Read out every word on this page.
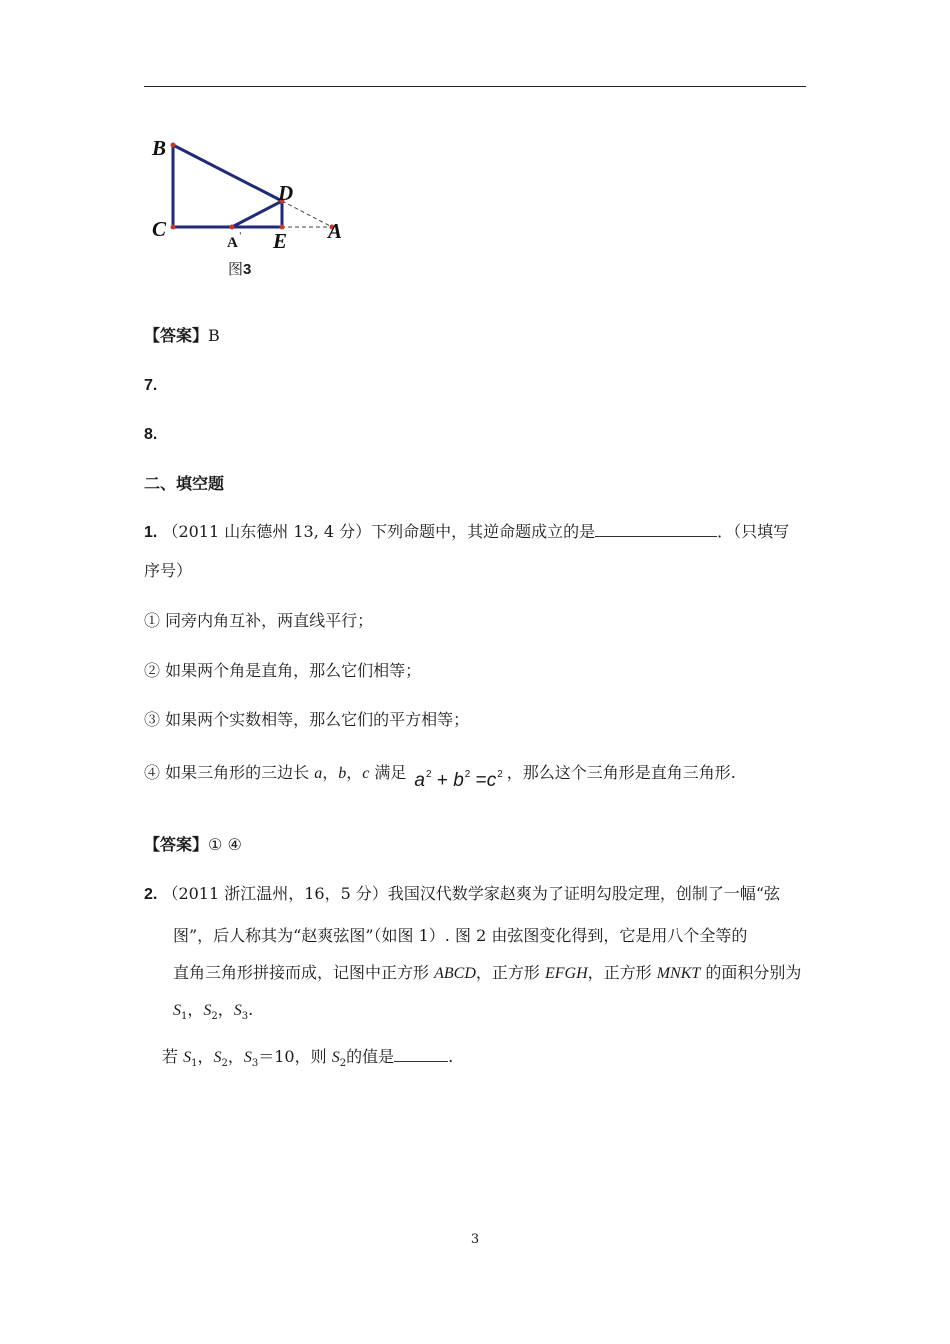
B
C
D
E A
A '
图3
【答案】B
7.
8.
二、填空题
1. （2011 山东德州 13, 4 分）下列命题中，其逆命题成立的是	．（只填写
序号）
① 同旁内角互补，两直线平行；
② 如果两个角是直角，那么它们相等；
③ 如果两个实数相等，那么它们的平方相等；
④ 如果三角形的三边长 a，b，c 满足 $a^2 + b^2 =c^2$ ，那么这个三角形是直角三角形.
【答案】① ④
2. （2011 浙江温州，16，5 分）我国汉代数学家赵爽为了证明勾股定理，创制了一幅“弦
图”，后人称其为“赵爽弦图”（如图 1）. 图 2 由弦图变化得到，它是用八个全等的
直角三角形拼接而成，记图中正方形 ABCD，正方形 EFGH，正方形 MNKT 的面积分别为
$S_1$，$S_2$，$S_3$.
若 $S_1$，$S_2$，$S_3=10$，则 $S_2$的值是	.
3
